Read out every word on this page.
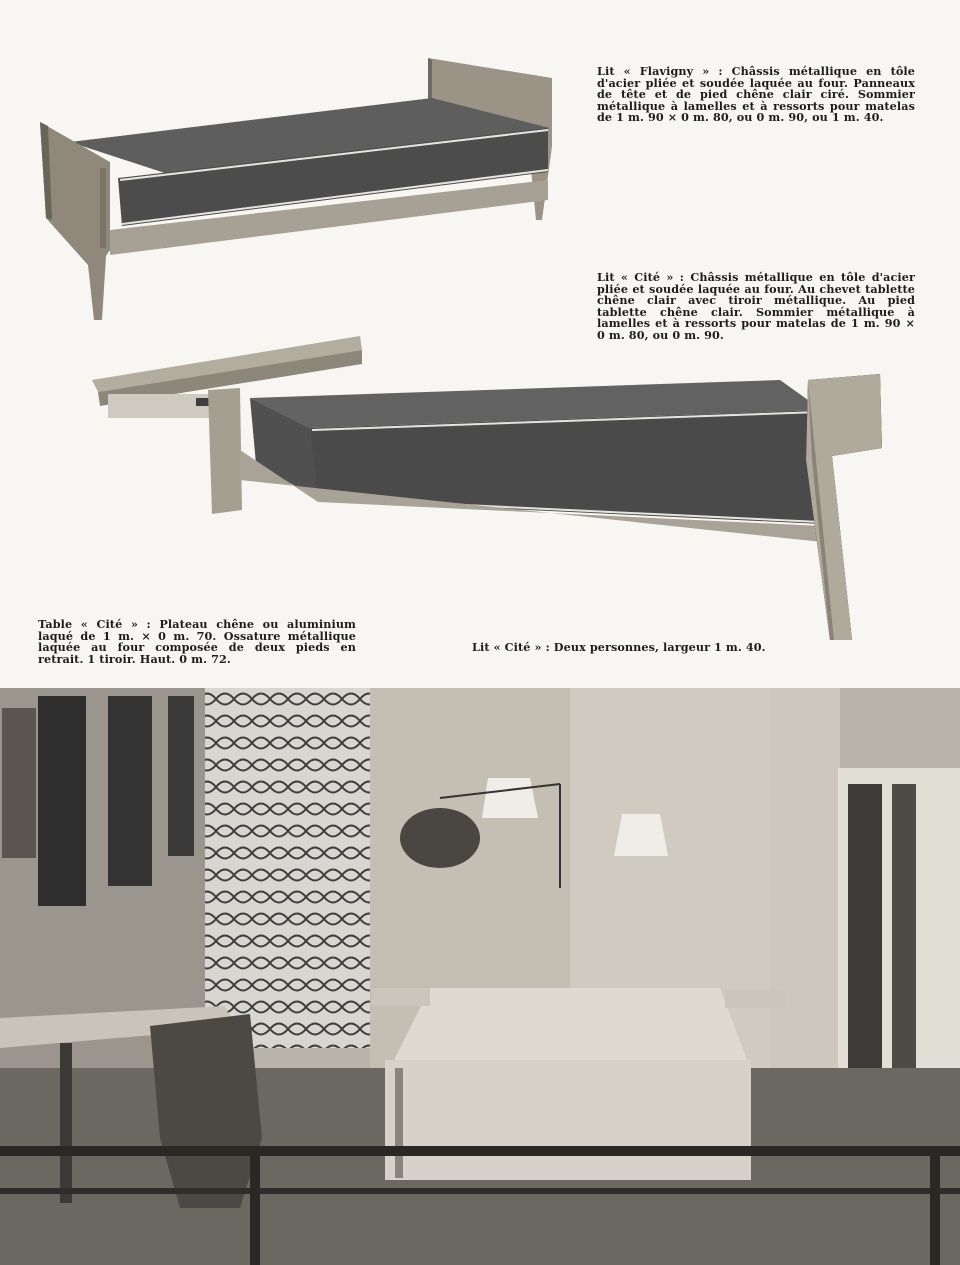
Lit « Flavigny » : Châssis métallique en tôle d'acier pliée et soudée laquée au four. Panneaux de tête et de pied chêne clair ciré. Sommier métallique à lamelles et à ressorts pour matelas de 1 m. 90 × 0 m. 80, ou 0 m. 90, ou 1 m. 40.
Lit « Cité » : Châssis métallique en tôle d'acier pliée et soudée laquée au four. Au chevet tablette chêne clair avec tiroir métallique. Au pied tablette chêne clair. Sommier métallique à lamelles et à ressorts pour matelas de 1 m. 90 × 0 m. 80, ou 0 m. 90.
Table « Cité » : Plateau chêne ou aluminium laqué de 1 m. × 0 m. 70. Ossature métallique laquée au four composée de deux pieds en retrait. 1 tiroir. Haut. 0 m. 72.
Lit « Cité » : Deux personnes, largeur 1 m. 40.
